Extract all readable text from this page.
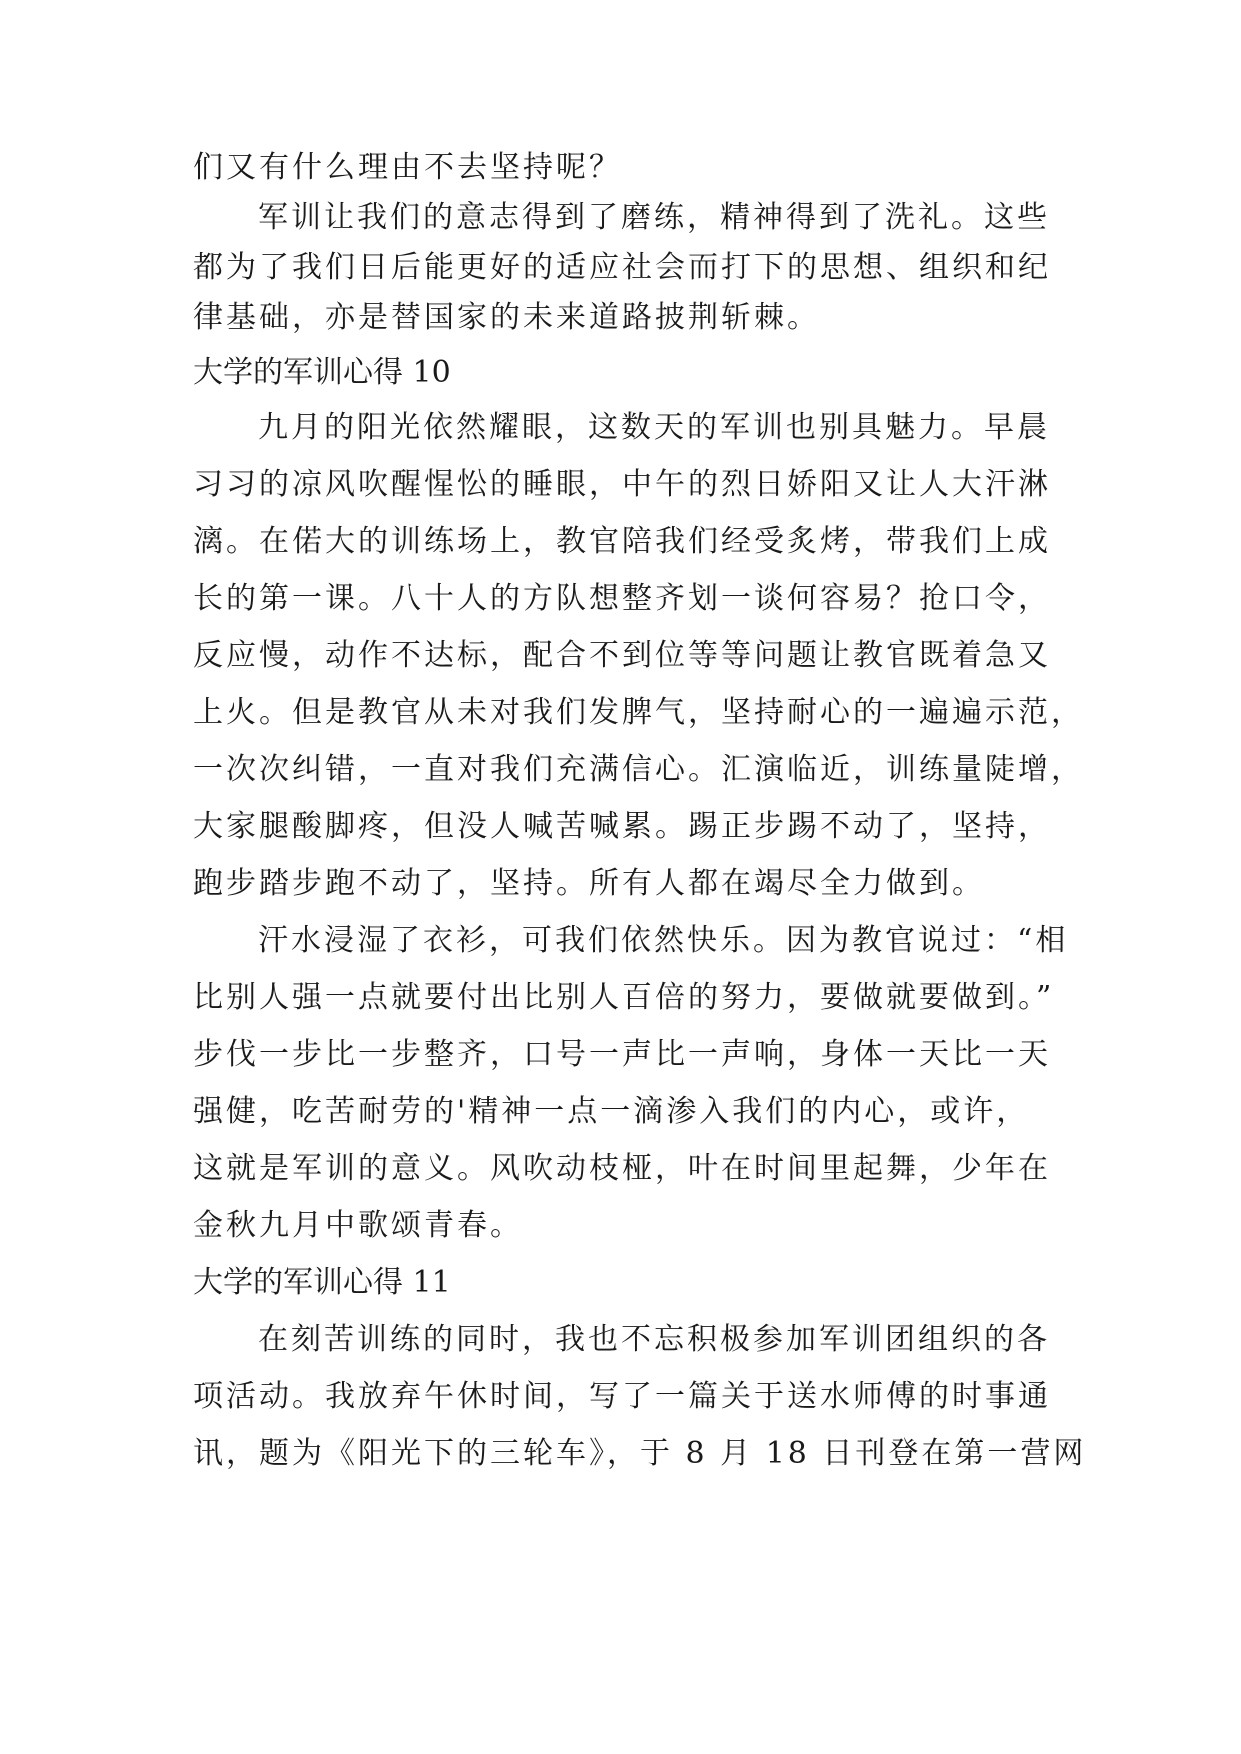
们又有什么理由不去坚持呢？
军训让我们的意志得到了磨练，精神得到了洗礼。这些
都为了我们日后能更好的适应社会而打下的思想、组织和纪
律基础，亦是替国家的未来道路披荆斩棘。
大学的军训心得 10
九月的阳光依然耀眼，这数天的军训也别具魅力。早晨
习习的凉风吹醒惺忪的睡眼，中午的烈日娇阳又让人大汗淋
漓。在偌大的训练场上，教官陪我们经受炙烤，带我们上成
长的第一课。八十人的方队想整齐划一谈何容易？抢口令，
反应慢，动作不达标，配合不到位等等问题让教官既着急又
上火。但是教官从未对我们发脾气，坚持耐心的一遍遍示范，
一次次纠错，一直对我们充满信心。汇演临近，训练量陡增，
大家腿酸脚疼，但没人喊苦喊累。踢正步踢不动了，坚持，
跑步踏步跑不动了，坚持。所有人都在竭尽全力做到。
汗水浸湿了衣衫，可我们依然快乐。因为教官说过：“相
比别人强一点就要付出比别人百倍的努力，要做就要做到。”
步伐一步比一步整齐，口号一声比一声响，身体一天比一天
强健，吃苦耐劳的'精神一点一滴渗入我们的内心，或许，
这就是军训的意义。风吹动枝桠，叶在时间里起舞，少年在
金秋九月中歌颂青春。
大学的军训心得 11
在刻苦训练的同时，我也不忘积极参加军训团组织的各
项活动。我放弃午休时间，写了一篇关于送水师傅的时事通
讯，题为《阳光下的三轮车》，于 8 月 18 日刊登在第一营网
